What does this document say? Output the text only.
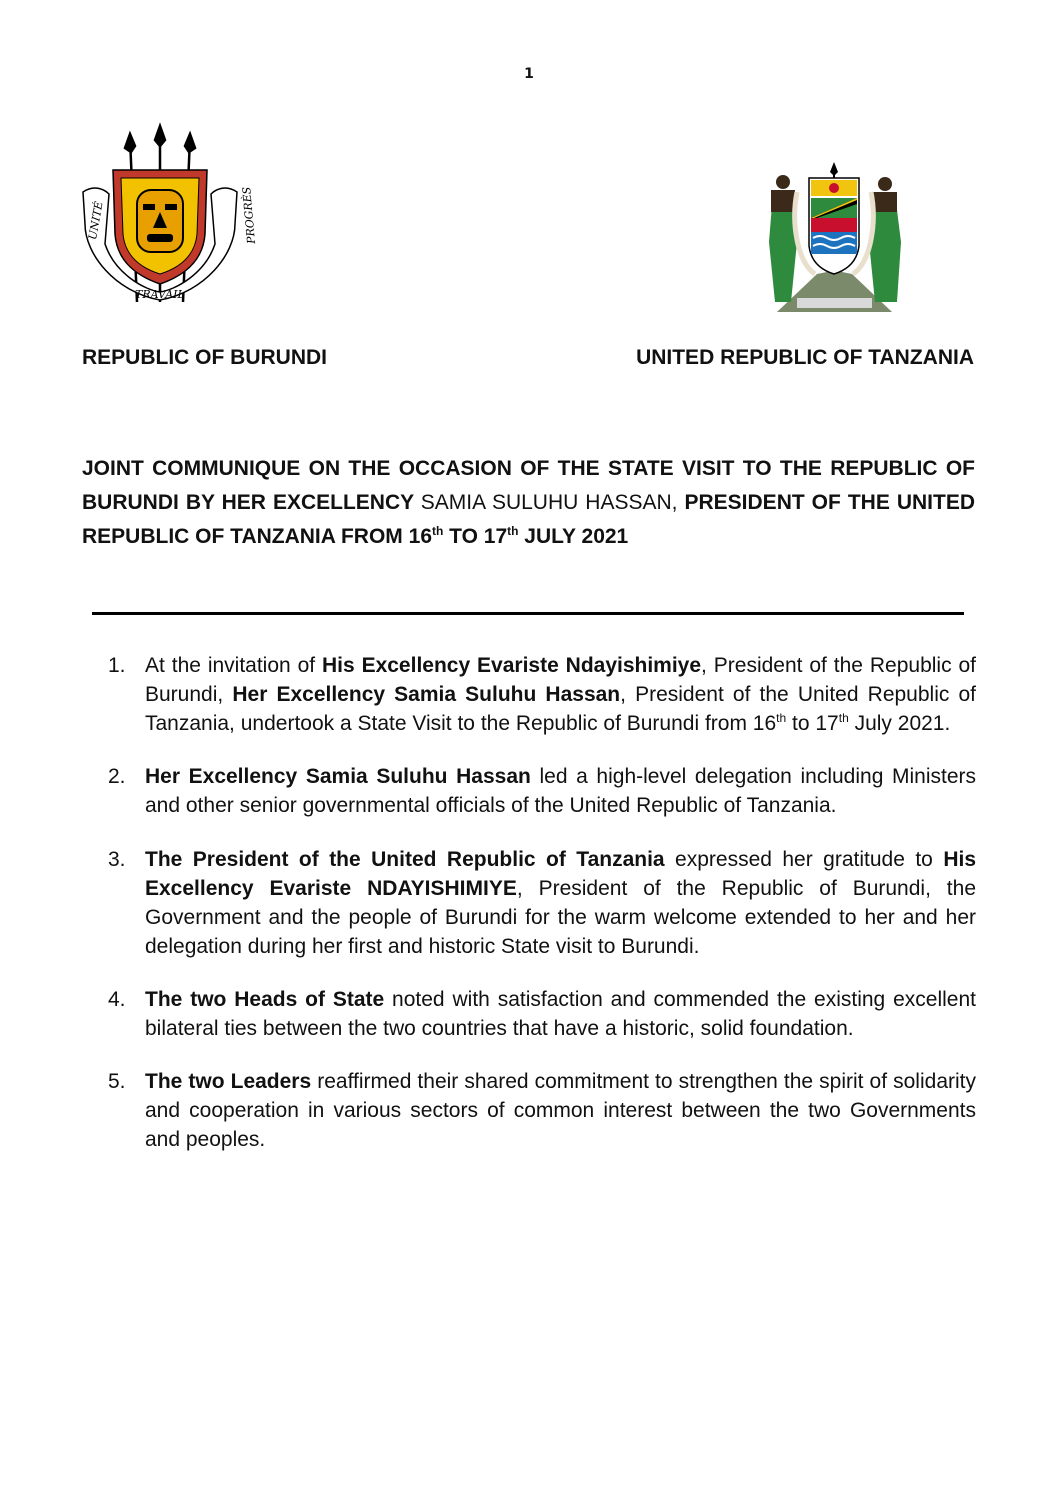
1
UNITÉ
TRAVAIL
PROGRÈS
REPUBLIC OF BURUNDI	UNITED REPUBLIC OF TANZANIA
JOINT COMMUNIQUE ON THE OCCASION OF THE STATE VISIT TO THE REPUBLIC OF BURUNDI BY HER EXCELLENCY SAMIA SULUHU HASSAN, PRESIDENT OF THE UNITED REPUBLIC OF TANZANIA FROM 16th TO 17th JULY 2021
1. At the invitation of His Excellency Evariste Ndayishimiye, President of the Republic of Burundi, Her Excellency Samia Suluhu Hassan, President of the United Republic of Tanzania, undertook a State Visit to the Republic of Burundi from 16th to 17th July 2021.
2. Her Excellency Samia Suluhu Hassan led a high-level delegation including Ministers and other senior governmental officials of the United Republic of Tanzania.
3. The President of the United Republic of Tanzania expressed her gratitude to His Excellency Evariste NDAYISHIMIYE, President of the Republic of Burundi, the Government and the people of Burundi for the warm welcome extended to her and her delegation during her first and historic State visit to Burundi.
4. The two Heads of State noted with satisfaction and commended the existing excellent bilateral ties between the two countries that have a historic, solid foundation.
5. The two Leaders reaffirmed their shared commitment to strengthen the spirit of solidarity and cooperation in various sectors of common interest between the two Governments and peoples.
